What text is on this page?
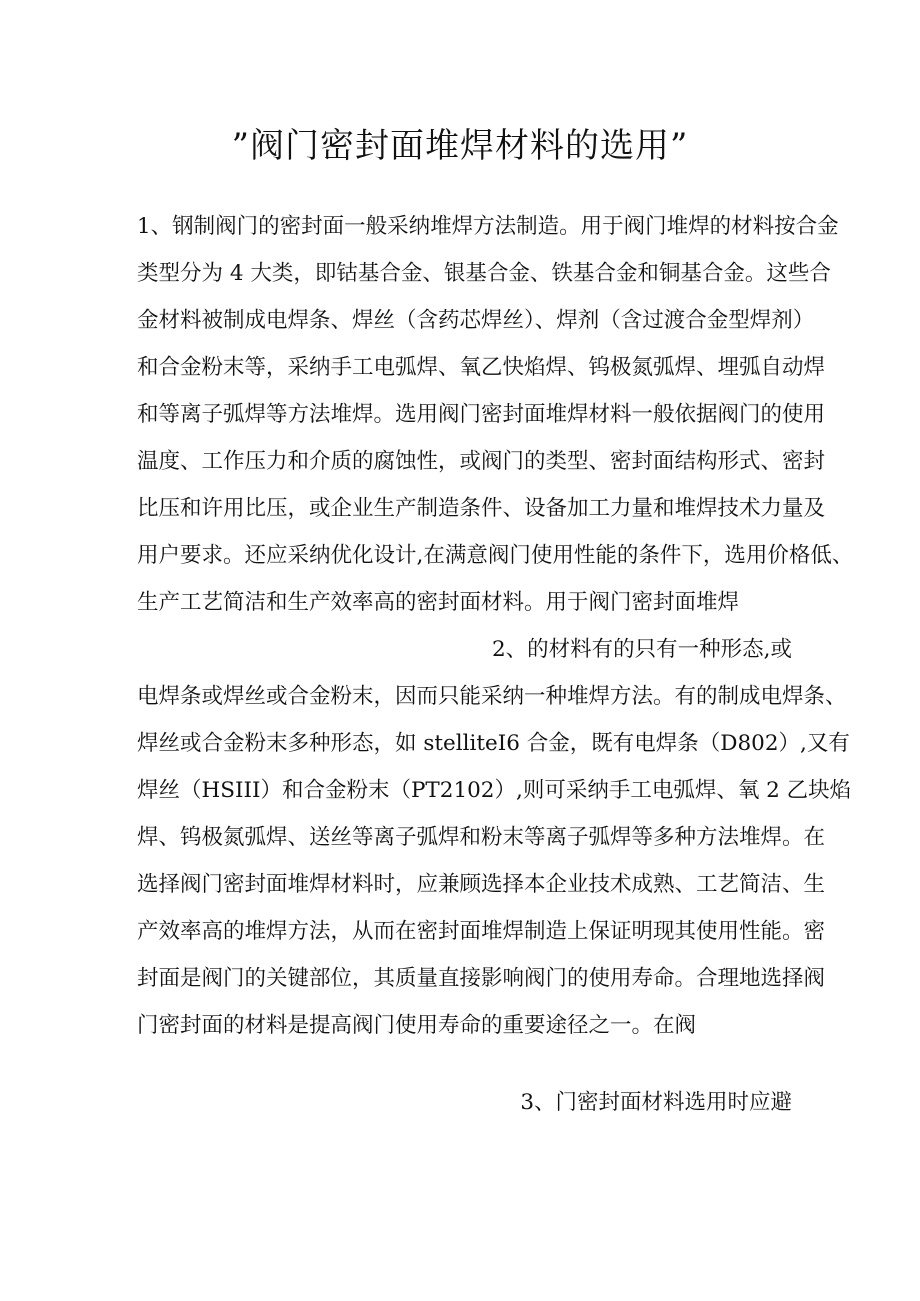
”阀门密封面堆焊材料的选用”
1、钢制阀门的密封面一般采纳堆焊方法制造。用于阀门堆焊的材料按合金
类型分为 4 大类，即钴基合金、银基合金、铁基合金和铜基合金。这些合
金材料被制成电焊条、焊丝（含药芯焊丝）、焊剂（含过渡合金型焊剂）
和合金粉末等，采纳手工电弧焊、氧乙快焰焊、钨极氮弧焊、埋弧自动焊
和等离子弧焊等方法堆焊。选用阀门密封面堆焊材料一般依据阀门的使用
温度、工作压力和介质的腐蚀性，或阀门的类型、密封面结构形式、密封
比压和许用比压，或企业生产制造条件、设备加工力量和堆焊技术力量及
用户要求。还应采纳优化设计,在满意阀门使用性能的条件下，选用价格低、
生产工艺简洁和生产效率高的密封面材料。用于阀门密封面堆焊
2、的材料有的只有一种形态,或
电焊条或焊丝或合金粉末，因而只能采纳一种堆焊方法。有的制成电焊条、
焊丝或合金粉末多种形态，如 stelliteI6 合金，既有电焊条（D802）,又有
焊丝（HSIII）和合金粉末（PT2102）,则可采纳手工电弧焊、氧 2 乙块焰
焊、钨极氮弧焊、送丝等离子弧焊和粉末等离子弧焊等多种方法堆焊。在
选择阀门密封面堆焊材料时，应兼顾选择本企业技术成熟、工艺简洁、生
产效率高的堆焊方法，从而在密封面堆焊制造上保证明现其使用性能。密
封面是阀门的关键部位，其质量直接影响阀门的使用寿命。合理地选择阀
门密封面的材料是提高阀门使用寿命的重要途径之一。在阀
3、门密封面材料选用时应避
